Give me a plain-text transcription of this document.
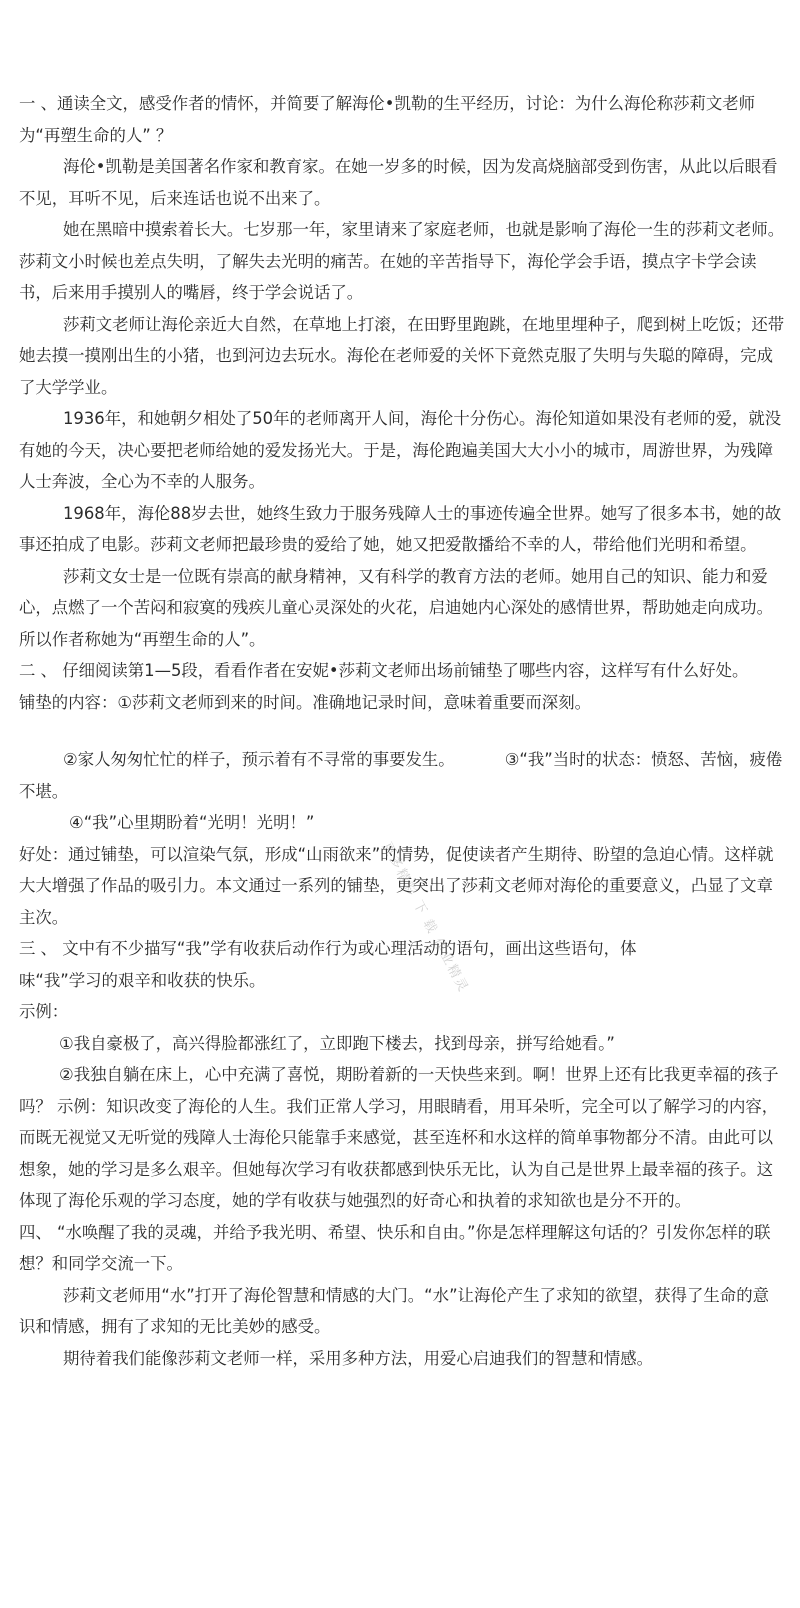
一 、通读全文，感受作者的情怀，并简要了解海伦•凯勒的生平经历，讨论：为什么海伦称莎莉文老师为“再塑生命的人” ？

海伦•凯勒是美国著名作家和教育家。在她一岁多的时候，因为发高烧脑部受到伤害，从此以后眼看不见，耳听不见，后来连话也说不出来了。

她在黑暗中摸索着长大。七岁那一年，家里请来了家庭老师，也就是影响了海伦一生的莎莉文老师。莎莉文小时候也差点失明，了解失去光明的痛苦。在她的辛苦指导下，海伦学会手语，摸点字卡学会读书，后来用手摸别人的嘴唇，终于学会说话了。

莎莉文老师让海伦亲近大自然，在草地上打滚，在田野里跑跳，在地里埋种子，爬到树上吃饭；还带她去摸一摸刚出生的小猪，也到河边去玩水。海伦在老师爱的关怀下竟然克服了失明与失聪的障碍，完成了大学学业。

1936年，和她朝夕相处了50年的老师离开人间，海伦十分伤心。海伦知道如果没有老师的爱，就没有她的今天，决心要把老师给她的爱发扬光大。于是，海伦跑遍美国大大小小的城市，周游世界，为残障人士奔波，全心为不幸的人服务。

1968年，海伦88岁去世，她终生致力于服务残障人士的事迹传遍全世界。她写了很多本书，她的故事还拍成了电影。莎莉文老师把最珍贵的爱给了她，她又把爱散播给不幸的人，带给他们光明和希望。

莎莉文女士是一位既有崇高的献身精神，又有科学的教育方法的老师。她用自己的知识、能力和爱心，点燃了一个苦闷和寂寞的残疾儿童心灵深处的火花，启迪她内心深处的感情世界，帮助她走向成功。所以作者称她为“再塑生命的人”。

二 、 仔细阅读第1—5段，看看作者在安妮•莎莉文老师出场前铺垫了哪些内容，这样写有什么好处。

铺垫的内容：①莎莉文老师到来的时间。准确地记录时间，意味着重要而深刻。

②家人匆匆忙忙的样子，预示着有不寻常的事要发生。	③“我”当时的状态：愤怒、苦恼，疲倦不堪。

④“我”心里期盼着“光明！光明！”

好处：通过铺垫，可以渲染气氛，形成“山雨欲来”的情势，促使读者产生期待、盼望的急迫心情。这样就大大增强了作品的吸引力。本文通过一系列的铺垫，更突出了莎莉文老师对海伦的重要意义，凸显了文章主次。

三 、 文中有不少描写“我”学有收获后动作行为或心理活动的语句，画出这些语句，体

味“我”学习的艰辛和收获的快乐。

示例：

①我自豪极了，高兴得脸都涨红了，立即跑下楼去，找到母亲，拼写给她看。”

②我独自躺在床上，心中充满了喜悦，期盼着新的一天快些来到。啊！世界上还有比我更幸福的孩子吗？ 示例：知识改变了海伦的人生。我们正常人学习，用眼睛看，用耳朵听，完全可以了解学习的内容，而既无视觉又无听觉的残障人士海伦只能靠手来感觉，甚至连杯和水这样的简单事物都分不清。由此可以想象，她的学习是多么艰辛。但她每次学习有收获都感到快乐无比，认为自己是世界上最幸福的孩子。这体现了海伦乐观的学习态度，她的学有收获与她强烈的好奇心和执着的求知欲也是分不开的。

四、 “水唤醒了我的灵魂，并给予我光明、希望、快乐和自由。”你是怎样理解这句话的？引发你怎样的联想？和同学交流一下。

莎莉文老师用“水”打开了海伦智慧和情感的大门。“水”让海伦产生了求知的欲望，获得了生命的意识和情感，拥有了求知的无比美妙的感受。

期待着我们能像莎莉文老师一样，采用多种方法，用爱心启迪我们的智慧和情感。

更多精彩 下 载 作业精灵
